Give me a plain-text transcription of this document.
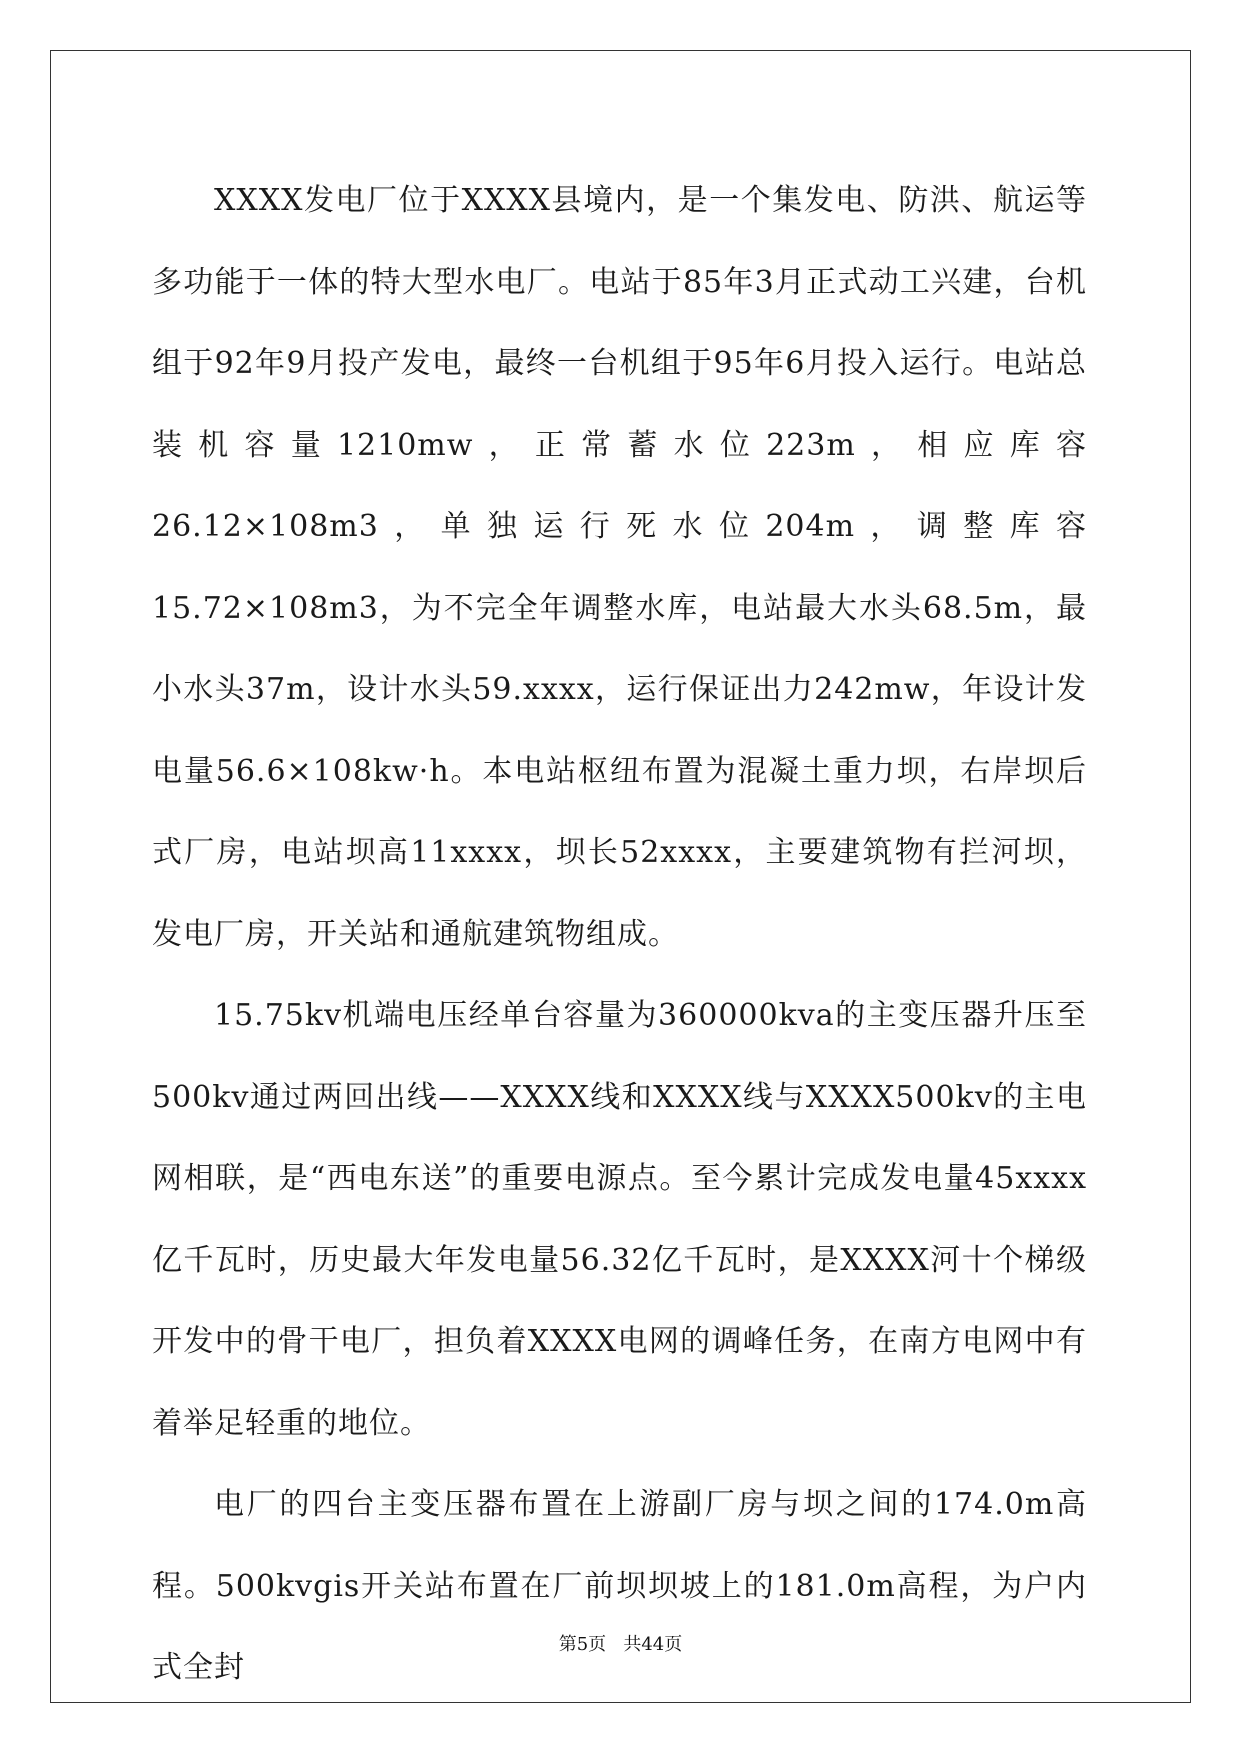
XXXX发电厂位于XXXX县境内，是一个集发电、防洪、航运等多功能于一体的特大型水电厂。电站于85年3月正式动工兴建，台机组于92年9月投产发电，最终一台机组于95年6月投入运行。电站总装机容量1210mw，正常蓄水位223m，相应库容26.12×108m3，单独运行死水位204m，调整库容15.72×108m3，为不完全年调整水库，电站最大水头68.5m，最小水头37m，设计水头59.xxxx，运行保证出力242mw，年设计发电量56.6×108kw·h。本电站枢纽布置为混凝土重力坝，右岸坝后式厂房，电站坝高11xxxx，坝长52xxxx，主要建筑物有拦河坝，发电厂房，开关站和通航建筑物组成。

15.75kv机端电压经单台容量为360000kva的主变压器升压至500kv通过两回出线——XXXX线和XXXX线与XXXX500kv的主电网相联，是“西电东送”的重要电源点。至今累计完成发电量45xxxx亿千瓦时，历史最大年发电量56.32亿千瓦时，是XXXX河十个梯级开发中的骨干电厂，担负着XXXX电网的调峰任务，在南方电网中有着举足轻重的地位。

电厂的四台主变压器布置在上游副厂房与坝之间的174.0m高程。500kvgis开关站布置在厂前坝坝坡上的181.0m高程，为户内式全封

第5页   共44页
